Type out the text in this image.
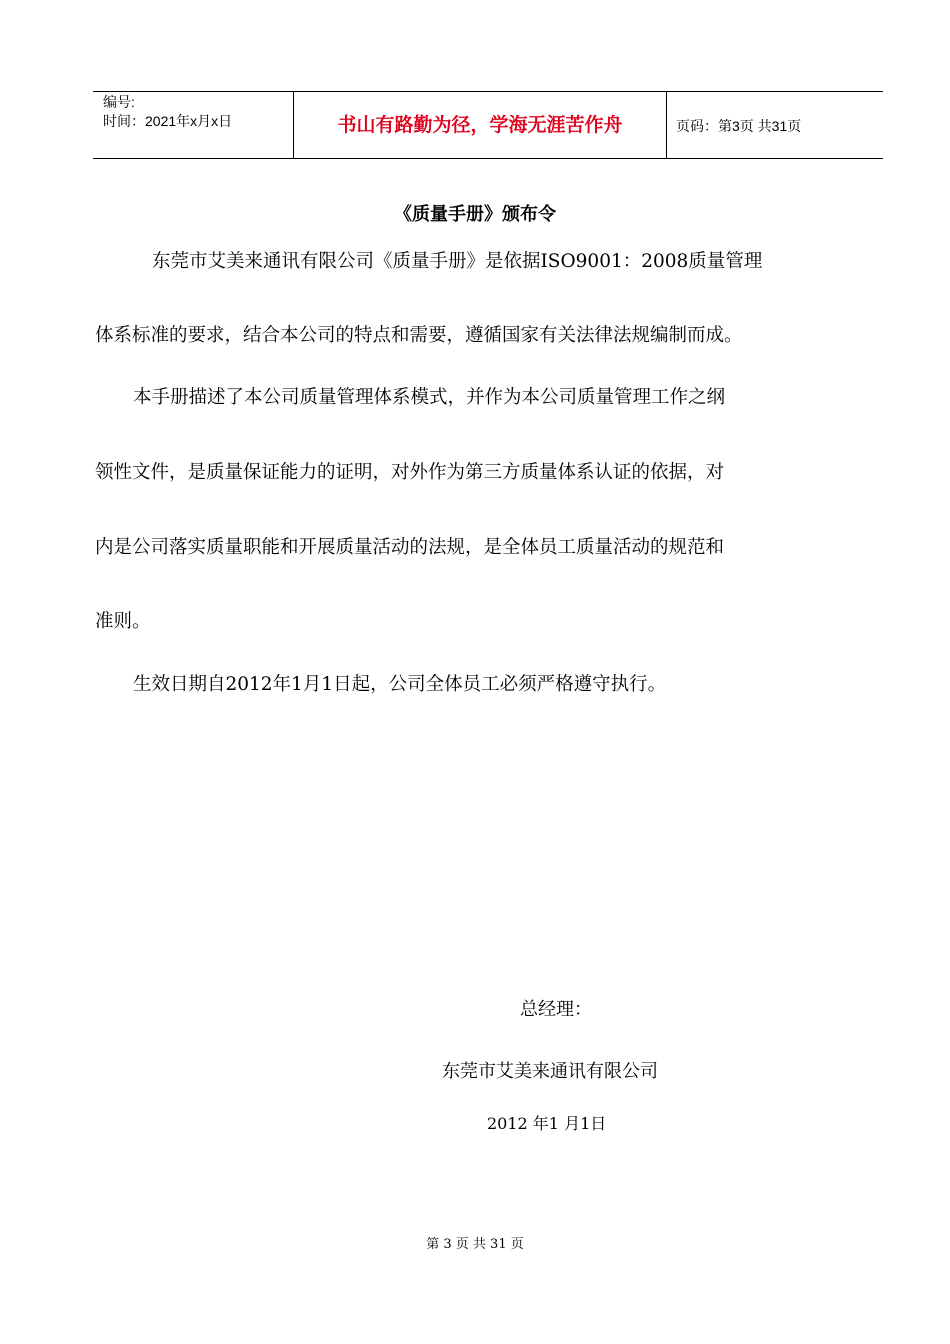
编号:
时间：2021年x月x日	书山有路勤为径，学海无涯苦作舟	页码：第3页 共31页
《质量手册》颁布令
东莞市艾美来通讯有限公司《质量手册》是依据ISO9001：2008质量管理
体系标准的要求，结合本公司的特点和需要，遵循国家有关法律法规编制而成。
本手册描述了本公司质量管理体系模式，并作为本公司质量管理工作之纲
领性文件，是质量保证能力的证明，对外作为第三方质量体系认证的依据，对
内是公司落实质量职能和开展质量活动的法规，是全体员工质量活动的规范和
准则。
生效日期自2012年1月1日起，公司全体员工必须严格遵守执行。
总经理：
东莞市艾美来通讯有限公司
2012 年1 月1日
第 3 页 共 31 页
